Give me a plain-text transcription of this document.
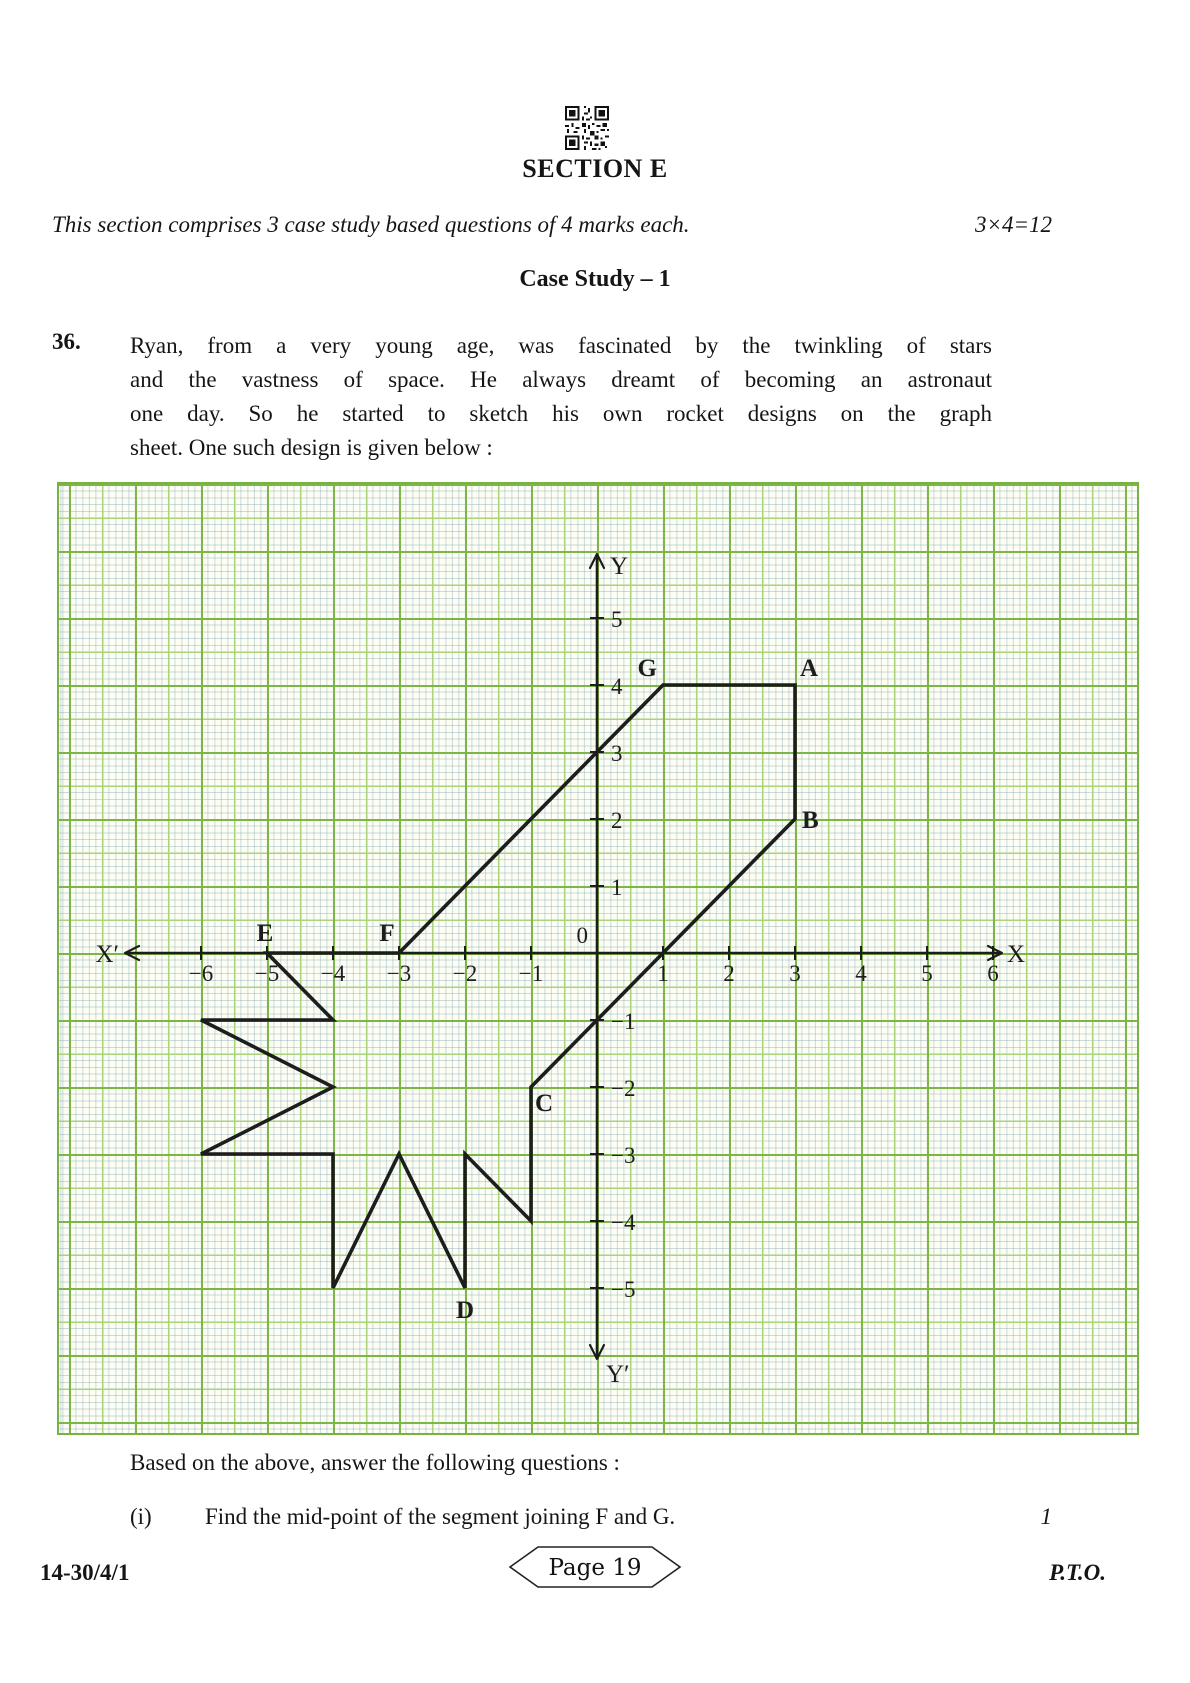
SECTION E
This section comprises 3 case study based questions of 4 marks each.	3×4=12
Case Study – 1
36. Ryan, from a very young age, was fascinated by the twinkling of stars
and the vastness of space. He always dreamt of becoming an astronaut
one day. So he started to sketch his own rocket designs on the graph
sheet. One such design is given below :
X
X′
Y
Y′
0
−6 −5 −4 −3 −2 −1	1 2 3 4 5 6
−5
−4
−3
−2
−1
1
2
3
4
5
A
B
C
D
E	F
G
Based on the above, answer the following questions :
(i) Find the mid-point of the segment joining F and G.	1
14-30/4/1	Page 19	P.T.O.
